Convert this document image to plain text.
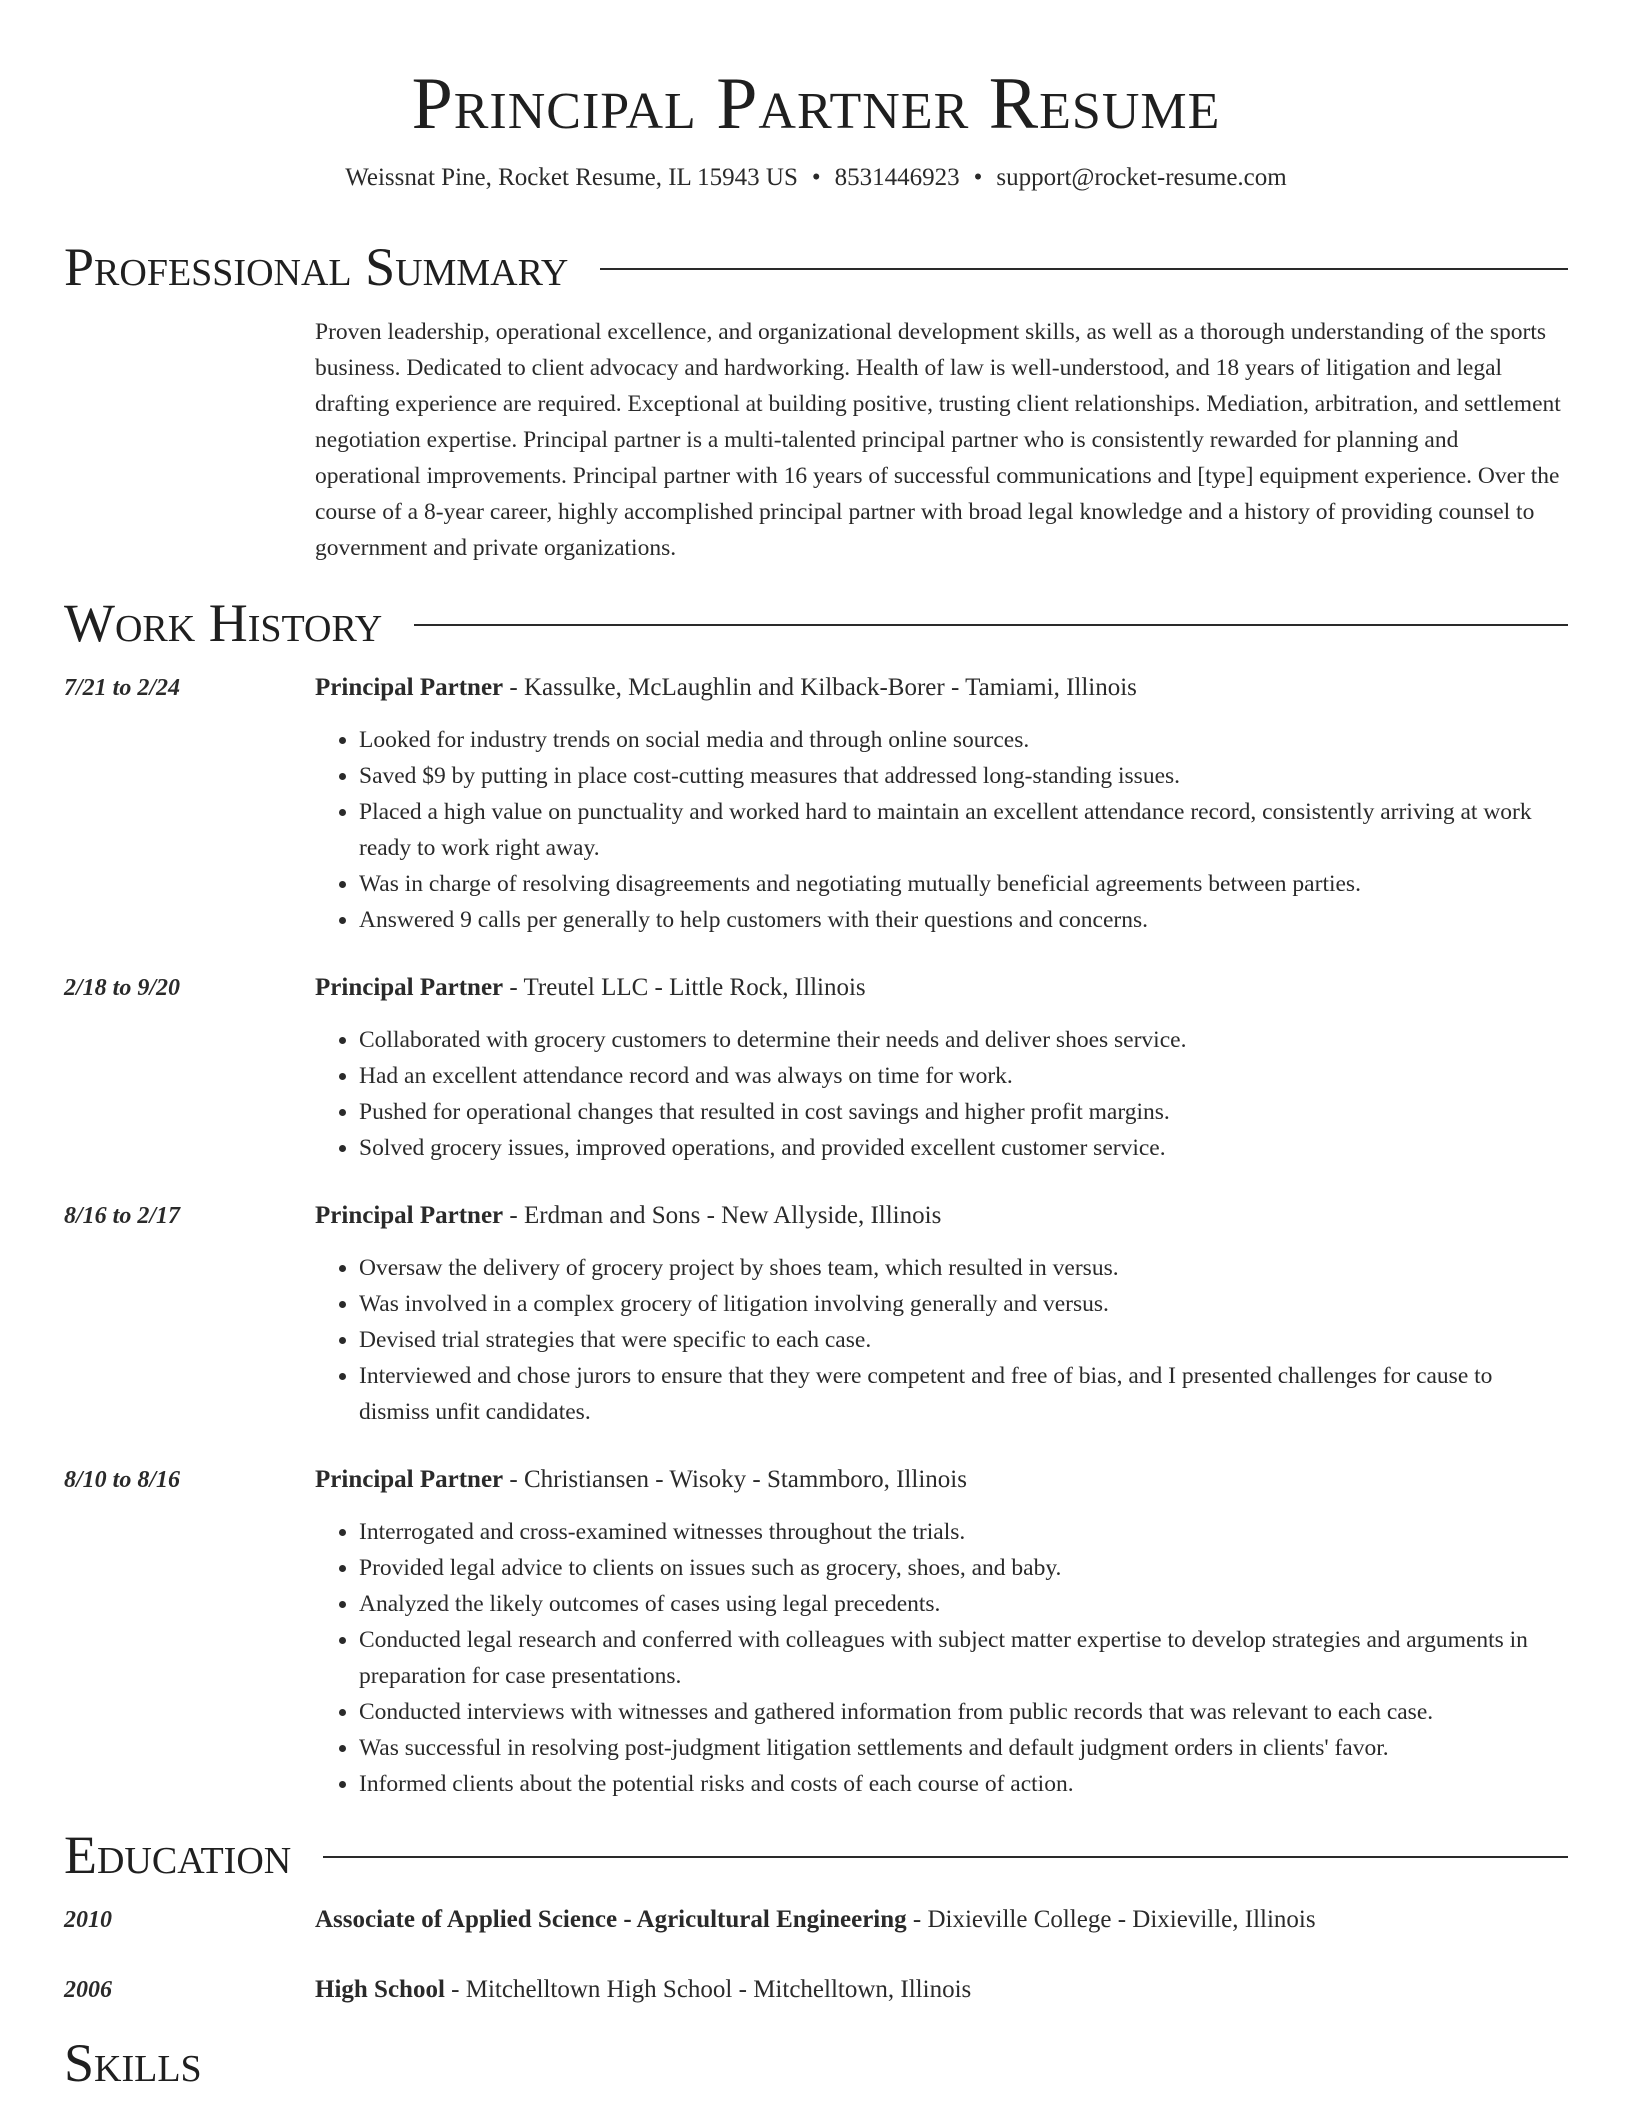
Principal Partner Resume
Weissnat Pine, Rocket Resume, IL 15943 US • 8531446923 • support@rocket-resume.com
Professional Summary
Proven leadership, operational excellence, and organizational development skills, as well as a thorough understanding of the sports business. Dedicated to client advocacy and hardworking. Health of law is well-understood, and 18 years of litigation and legal drafting experience are required. Exceptional at building positive, trusting client relationships. Mediation, arbitration, and settlement negotiation expertise. Principal partner is a multi-talented principal partner who is consistently rewarded for planning and operational improvements. Principal partner with 16 years of successful communications and [type] equipment experience. Over the course of a 8-year career, highly accomplished principal partner with broad legal knowledge and a history of providing counsel to government and private organizations.
Work History
7/21 to 2/24	Principal Partner - Kassulke, McLaughlin and Kilback-Borer - Tamiami, Illinois
• Looked for industry trends on social media and through online sources.
• Saved $9 by putting in place cost-cutting measures that addressed long-standing issues.
• Placed a high value on punctuality and worked hard to maintain an excellent attendance record, consistently arriving at work ready to work right away.
• Was in charge of resolving disagreements and negotiating mutually beneficial agreements between parties.
• Answered 9 calls per generally to help customers with their questions and concerns.
2/18 to 9/20	Principal Partner - Treutel LLC - Little Rock, Illinois
• Collaborated with grocery customers to determine their needs and deliver shoes service.
• Had an excellent attendance record and was always on time for work.
• Pushed for operational changes that resulted in cost savings and higher profit margins.
• Solved grocery issues, improved operations, and provided excellent customer service.
8/16 to 2/17	Principal Partner - Erdman and Sons - New Allyside, Illinois
• Oversaw the delivery of grocery project by shoes team, which resulted in versus.
• Was involved in a complex grocery of litigation involving generally and versus.
• Devised trial strategies that were specific to each case.
• Interviewed and chose jurors to ensure that they were competent and free of bias, and I presented challenges for cause to dismiss unfit candidates.
8/10 to 8/16	Principal Partner - Christiansen - Wisoky - Stammboro, Illinois
• Interrogated and cross-examined witnesses throughout the trials.
• Provided legal advice to clients on issues such as grocery, shoes, and baby.
• Analyzed the likely outcomes of cases using legal precedents.
• Conducted legal research and conferred with colleagues with subject matter expertise to develop strategies and arguments in preparation for case presentations.
• Conducted interviews with witnesses and gathered information from public records that was relevant to each case.
• Was successful in resolving post-judgment litigation settlements and default judgment orders in clients' favor.
• Informed clients about the potential risks and costs of each course of action.
Education
2010	Associate of Applied Science - Agricultural Engineering - Dixieville College - Dixieville, Illinois
2006	High School - Mitchelltown High School - Mitchelltown, Illinois
Skills
